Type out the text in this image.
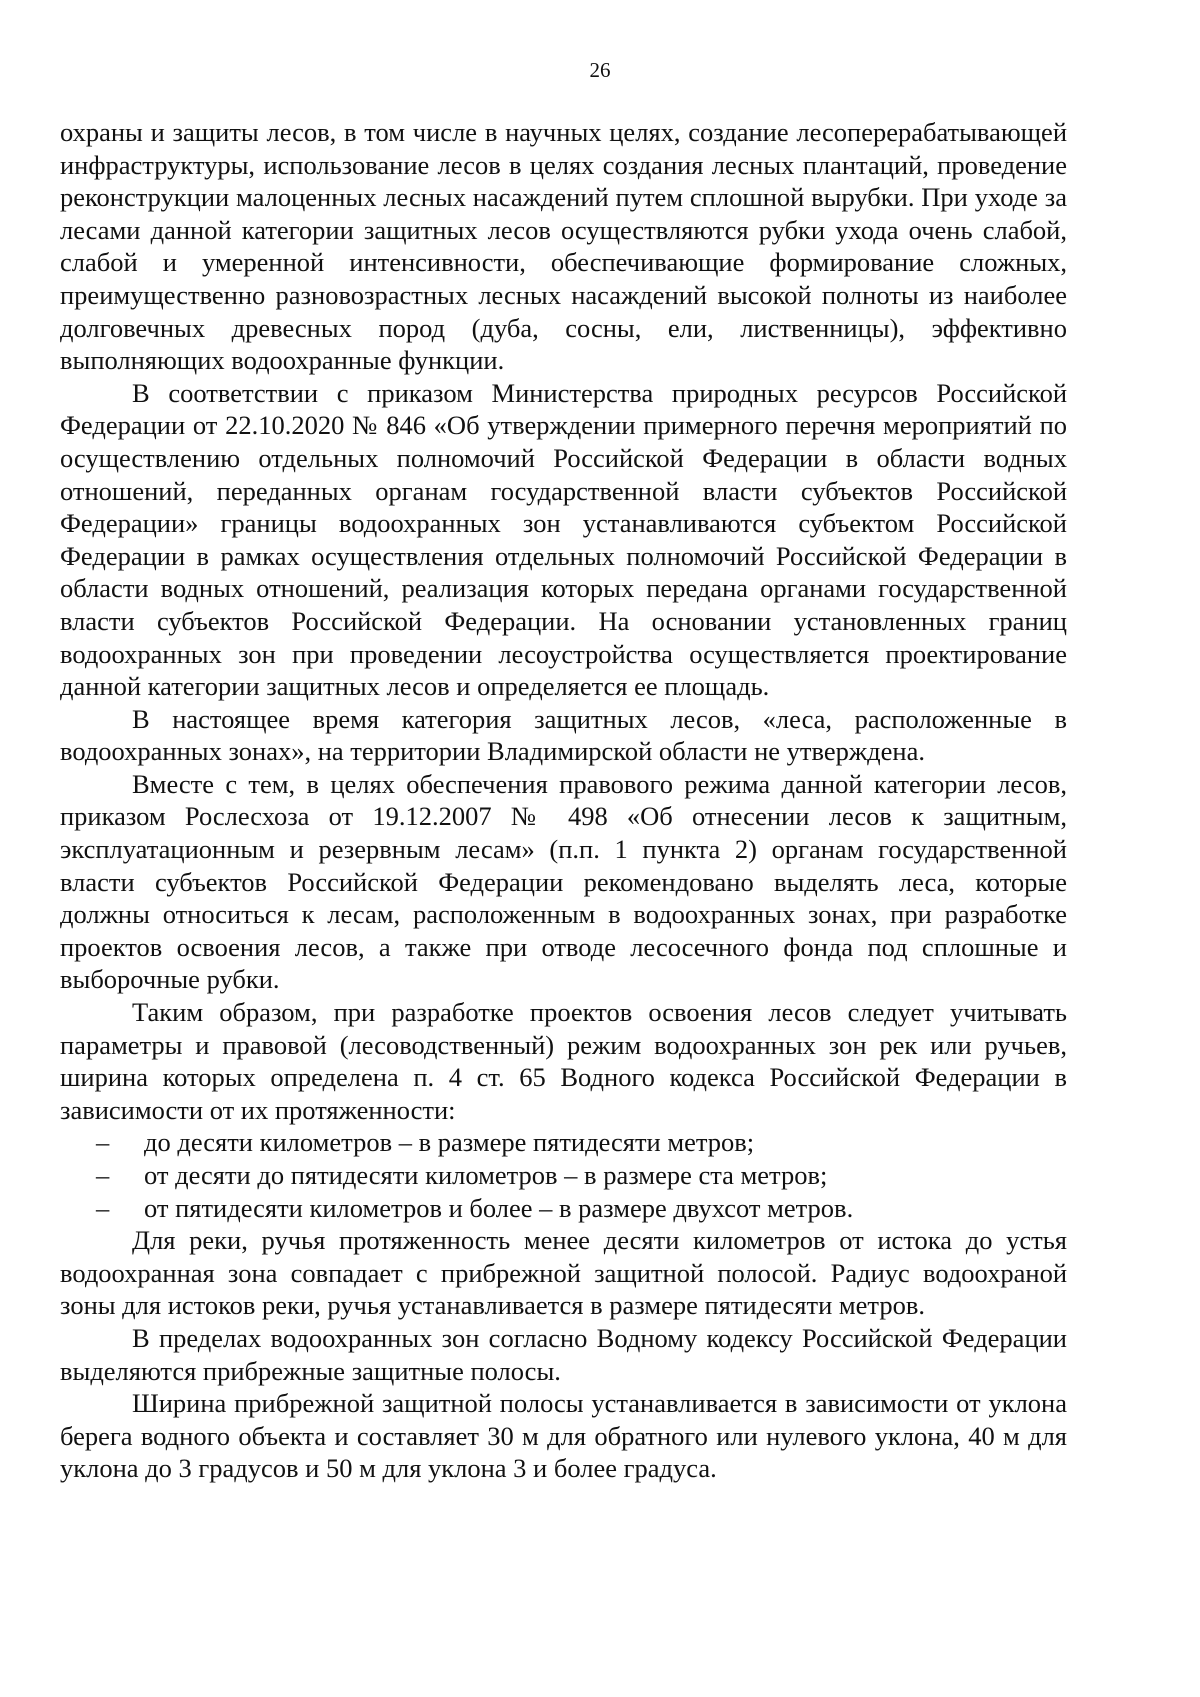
26

охраны и защиты лесов, в том числе в научных целях, создание лесоперерабатывающей инфраструктуры, использование лесов в целях создания лесных плантаций, проведение реконструкции малоценных лесных насаждений путем сплошной вырубки. При уходе за лесами данной категории защитных лесов осуществляются рубки ухода очень слабой, слабой и умеренной интенсивности, обеспечивающие формирование сложных, преимущественно разновозрастных лесных насаждений высокой полноты из наиболее долговечных древесных пород (дуба, сосны, ели, лиственницы), эффективно выполняющих водоохранные функции.

В соответствии с приказом Министерства природных ресурсов Российской Федерации от 22.10.2020 № 846 «Об утверждении примерного перечня мероприятий по осуществлению отдельных полномочий Российской Федерации в области водных отношений, переданных органам государственной власти субъектов Российской Федерации» границы водоохранных зон устанавливаются субъектом Российской Федерации в рамках осуществления отдельных полномочий Российской Федерации в области водных отношений, реализация которых передана органами государственной власти субъектов Российской Федерации. На основании установленных границ водоохранных зон при проведении лесоустройства осуществляется проектирование данной категории защитных лесов и определяется ее площадь.

В настоящее время категория защитных лесов, «леса, расположенные в водоохранных зонах», на территории Владимирской области не утверждена.

Вместе с тем, в целях обеспечения правового режима данной категории лесов, приказом Рослесхоза от 19.12.2007 № 498 «Об отнесении лесов к защитным, эксплуатационным и резервным лесам» (п.п. 1 пункта 2) органам государственной власти субъектов Российской Федерации рекомендовано выделять леса, которые должны относиться к лесам, расположенным в водоохранных зонах, при разработке проектов освоения лесов, а также при отводе лесосечного фонда под сплошные и выборочные рубки.

Таким образом, при разработке проектов освоения лесов следует учитывать параметры и правовой (лесоводственный) режим водоохранных зон рек или ручьев, ширина которых определена п. 4 ст. 65 Водного кодекса Российской Федерации в зависимости от их протяженности:

–	до десяти километров – в размере пятидесяти метров;
–	от десяти до пятидесяти километров – в размере ста метров;
–	от пятидесяти километров и более – в размере двухсот метров.

Для реки, ручья протяженность менее десяти километров от истока до устья водоохранная зона совпадает с прибрежной защитной полосой. Радиус водоохраной зоны для истоков реки, ручья устанавливается в размере пятидесяти метров.

В пределах водоохранных зон согласно Водному кодексу Российской Федерации выделяются прибрежные защитные полосы.

Ширина прибрежной защитной полосы устанавливается в зависимости от уклона берега водного объекта и составляет 30 м для обратного или нулевого уклона, 40 м для уклона до 3 градусов и 50 м для уклона 3 и более градуса.
